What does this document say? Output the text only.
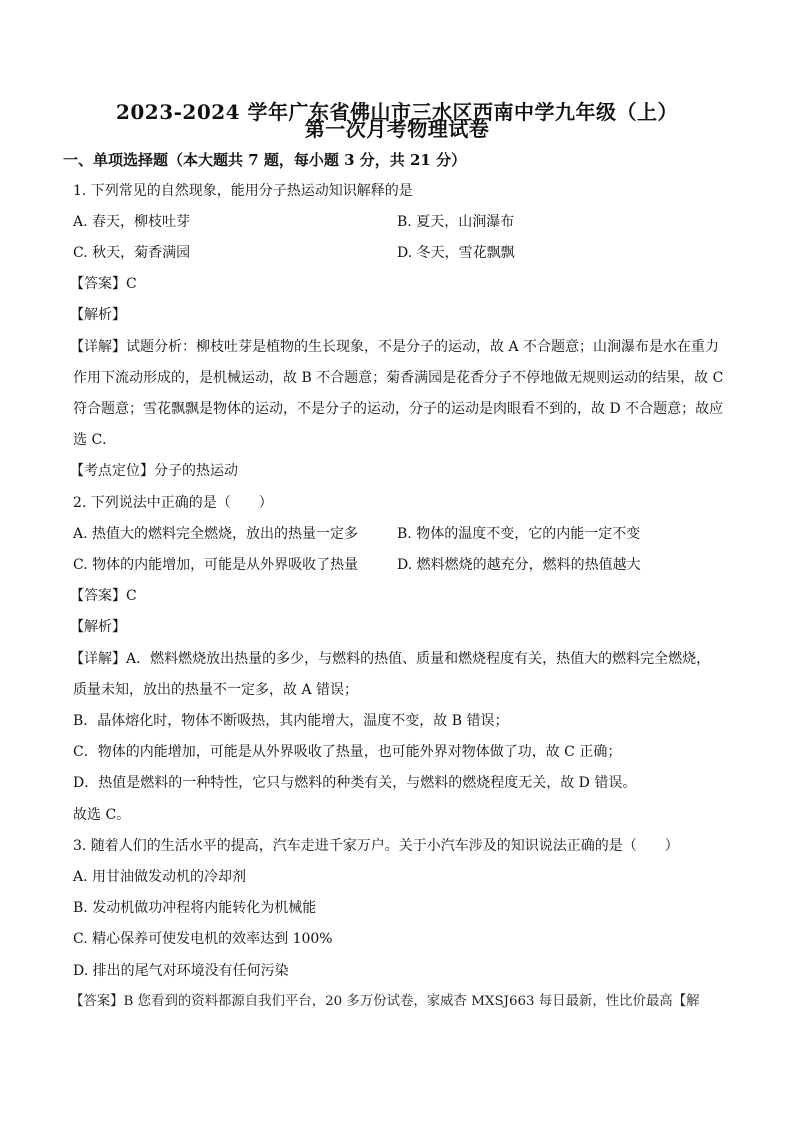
2023-2024 学年广东省佛山市三水区西南中学九年级（上）
第一次月考物理试卷
一、单项选择题（本大题共 7 题，每小题 3 分，共 21 分）
1. 下列常见的自然现象，能用分子热运动知识解释的是
A. 春天，柳枝吐芽	B. 夏天，山涧瀑布
C. 秋天，菊香满园	D. 冬天，雪花飘飘
【答案】C
【解析】
【详解】试题分析：柳枝吐芽是植物的生长现象，不是分子的运动，故 A 不合题意；山涧瀑布是水在重力
作用下流动形成的，是机械运动，故 B 不合题意；菊香满园是花香分子不停地做无规则运动的结果，故 C
符合题意；雪花飘飘是物体的运动，不是分子的运动，分子的运动是肉眼看不到的，故 D 不合题意；故应
选 C．
【考点定位】分子的热运动
2. 下列说法中正确的是（　　）
A. 热值大的燃料完全燃烧，放出的热量一定多	B. 物体的温度不变，它的内能一定不变
C. 物体的内能增加，可能是从外界吸收了热量	D. 燃料燃烧的越充分，燃料的热值越大
【答案】C
【解析】
【详解】A．燃料燃烧放出热量的多少，与燃料的热值、质量和燃烧程度有关，热值大的燃料完全燃烧，
质量未知，放出的热量不一定多，故 A 错误；
B．晶体熔化时，物体不断吸热，其内能增大，温度不变，故 B 错误；
C．物体的内能增加，可能是从外界吸收了热量，也可能外界对物体做了功，故 C 正确；
D．热值是燃料的一种特性，它只与燃料的种类有关，与燃料的燃烧程度无关，故 D 错误。
故选 C。
3. 随着人们的生活水平的提高，汽车走进千家万户。关于小汽车涉及的知识说法正确的是（　　）
A. 用甘油做发动机的冷却剂
B. 发动机做功冲程将内能转化为机械能
C. 精心保养可使发电机的效率达到 100%
D. 排出的尾气对环境没有任何污染
【答案】B 您看到的资料都源自我们平台，20 多万份试卷，家威杏 MXSJ663 每日最新，性比价最高【解
